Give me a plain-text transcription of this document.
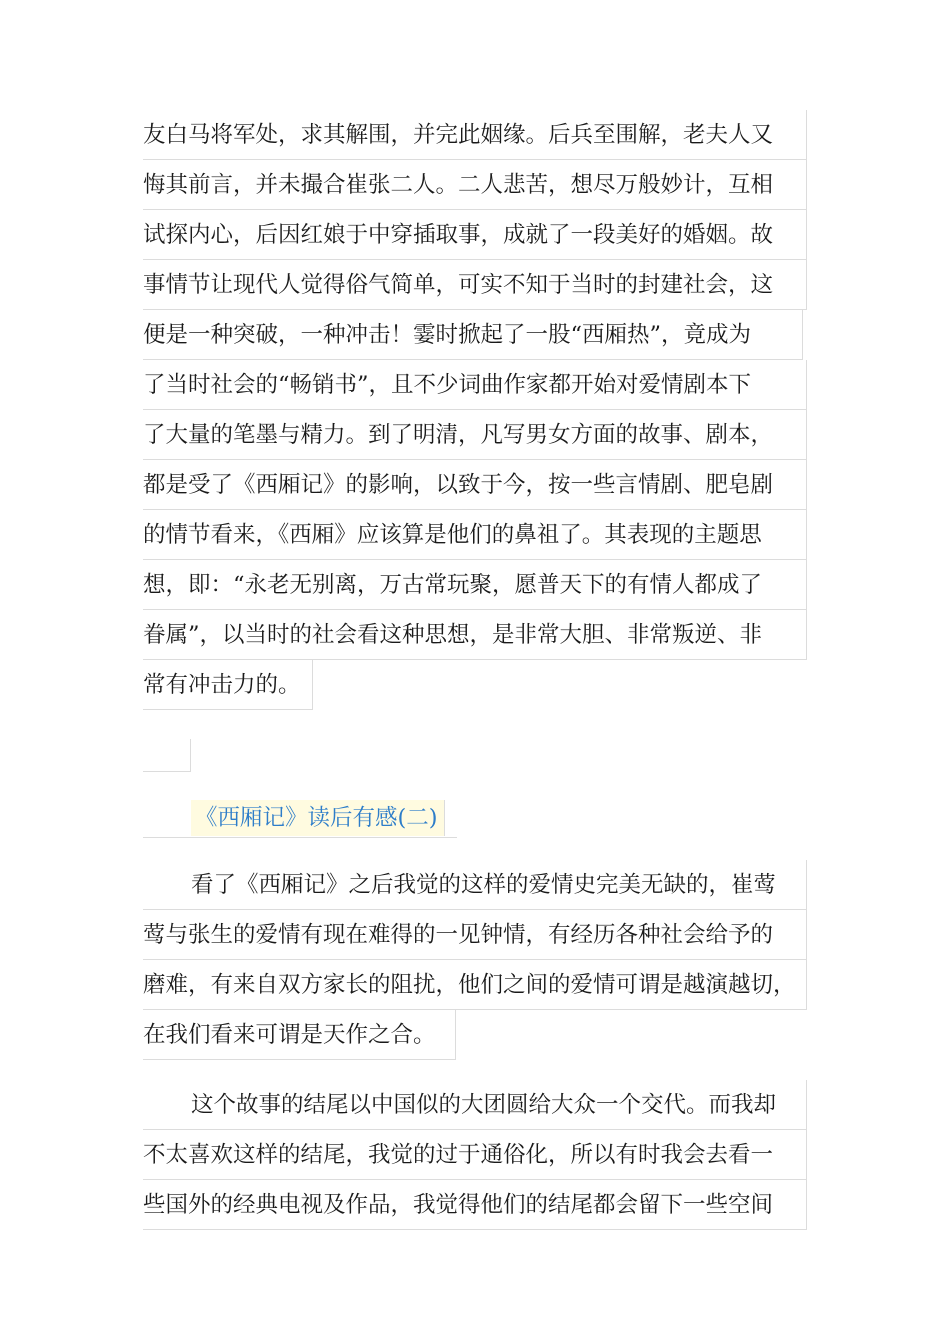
友白马将军处，求其解围，并完此姻缘。后兵至围解，老夫人又
悔其前言，并未撮合崔张二人。二人悲苦，想尽万般妙计，互相
试探内心，后因红娘于中穿插取事，成就了一段美好的婚姻。故
事情节让现代人觉得俗气简单，可实不知于当时的封建社会，这
便是一种突破，一种冲击！霎时掀起了一股“西厢热”，竟成为
了当时社会的“畅销书”，且不少词曲作家都开始对爱情剧本下
了大量的笔墨与精力。到了明清，凡写男女方面的故事、剧本，
都是受了《西厢记》的影响，以致于今，按一些言情剧、肥皂剧
的情节看来，《西厢》应该算是他们的鼻祖了。其表现的主题思
想，即：“永老无别离，万古常玩聚，愿普天下的有情人都成了
眷属”，以当时的社会看这种思想，是非常大胆、非常叛逆、非
常有冲击力的。
《西厢记》读后有感(二)
看了《西厢记》之后我觉的这样的爱情史完美无缺的，崔莺
莺与张生的爱情有现在难得的一见钟情，有经历各种社会给予的
磨难，有来自双方家长的阻扰，他们之间的爱情可谓是越演越切，
在我们看来可谓是天作之合。
这个故事的结尾以中国似的大团圆给大众一个交代。而我却
不太喜欢这样的结尾，我觉的过于通俗化，所以有时我会去看一
些国外的经典电视及作品，我觉得他们的结尾都会留下一些空间
